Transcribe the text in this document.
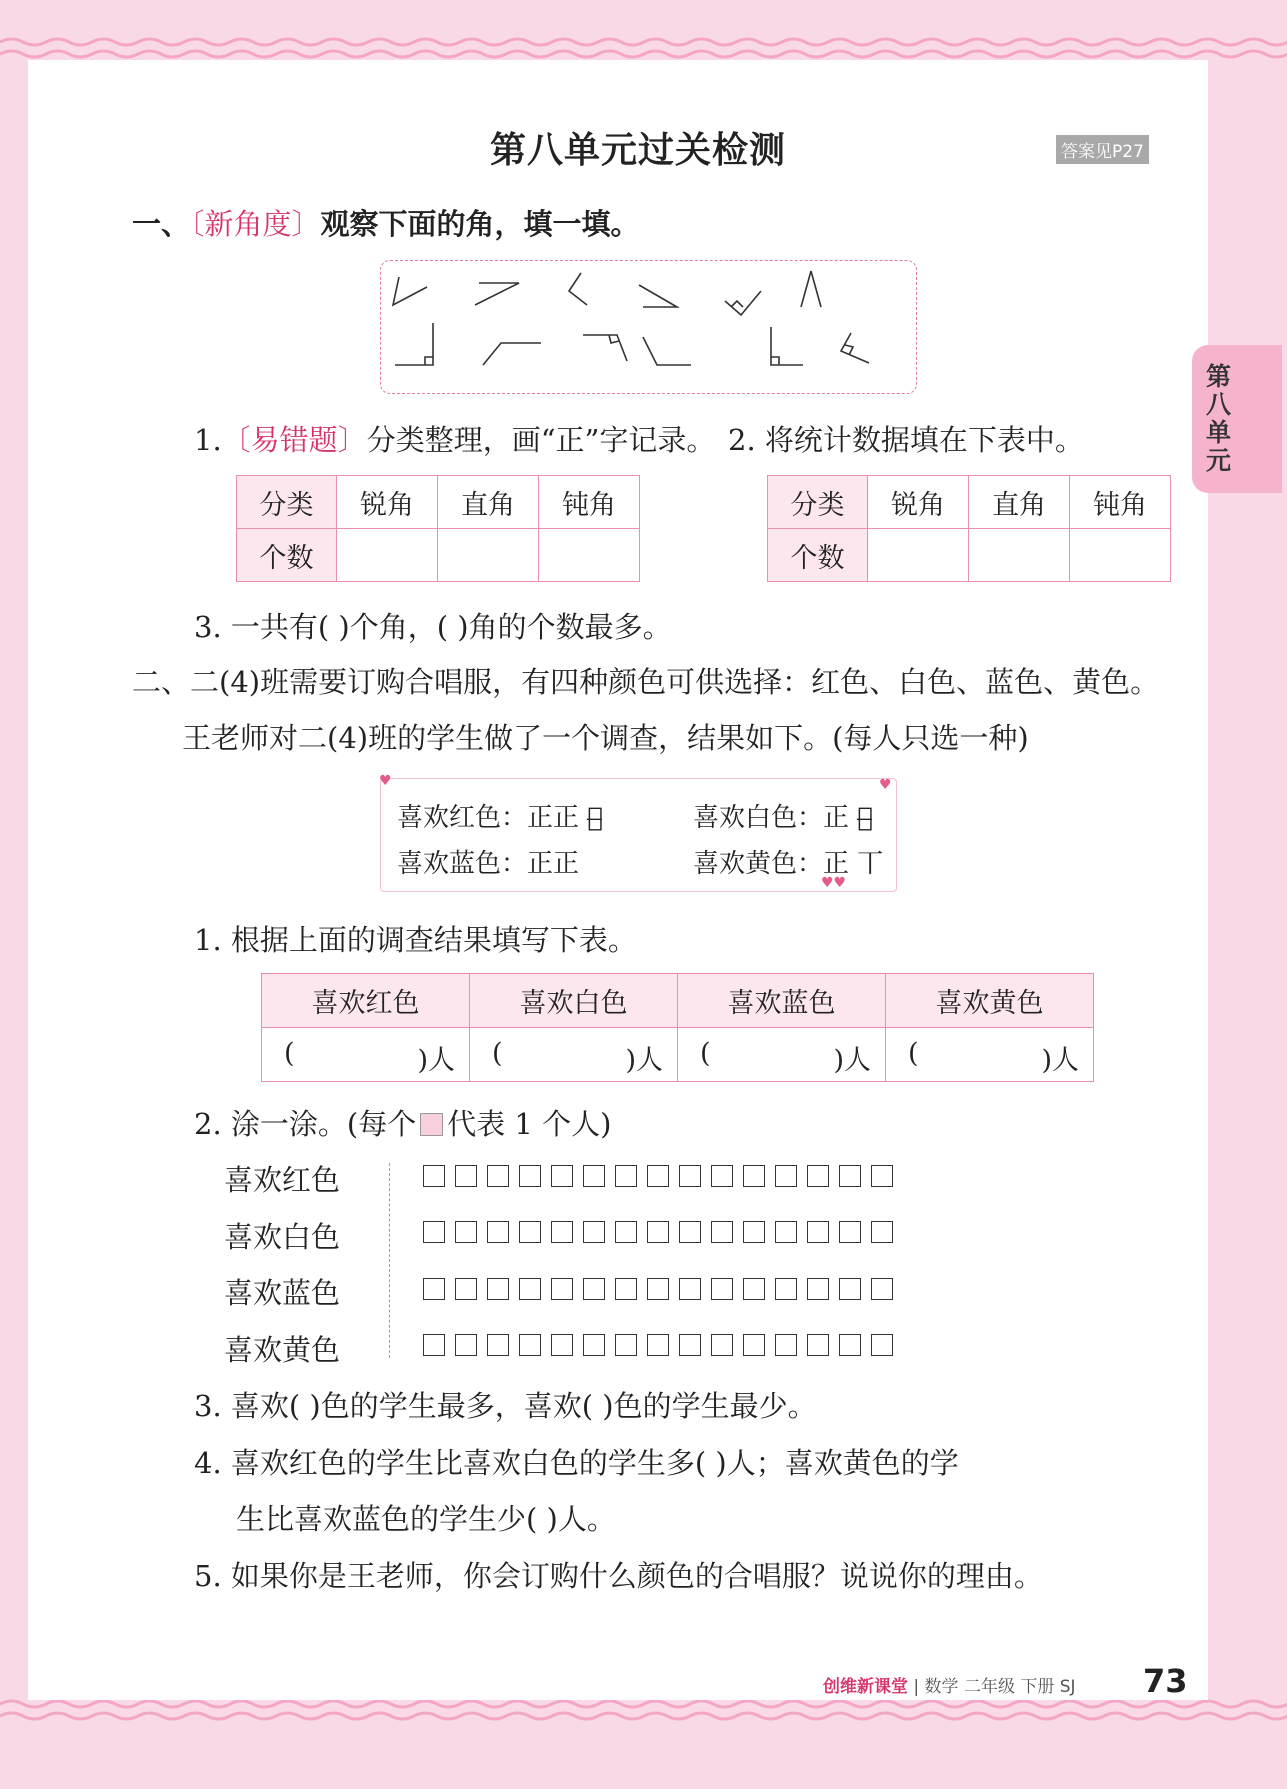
第八单元过关检测	答案见P27
第八单元
一、〔新角度〕观察下面的角，填一填。
1.〔易错题〕分类整理，画“正”字记录。 2. 将统计数据填在下表中。
分类	锐角	直角	钝角
个数			
分类	锐角	直角	钝角
个数			
3. 一共有( )个角，( )角的个数最多。
二、二(4)班需要订购合唱服，有四种颜色可供选择：红色、白色、蓝色、黄色。
王老师对二(4)班的学生做了一个调查，结果如下。(每人只选一种)
♥	♥
♥♥
喜欢红色：正正 正̶	喜欢白色：正 正̶
喜欢蓝色：正正	喜欢黄色：正 丅
1. 根据上面的调查结果填写下表。
喜欢红色	喜欢白色	喜欢蓝色	喜欢黄色

( )人	( )人	( )人	( )人
2. 涂一涂。(每个 代表 1 个人)
喜欢红色
喜欢白色
喜欢蓝色
喜欢黄色
3. 喜欢( )色的学生最多，喜欢( )色的学生最少。
4. 喜欢红色的学生比喜欢白色的学生多( )人；喜欢黄色的学
生比喜欢蓝色的学生少( )人。
5. 如果你是王老师，你会订购什么颜色的合唱服？说说你的理由。
创维新课堂 | 数学 二年级 下册 SJ 73
